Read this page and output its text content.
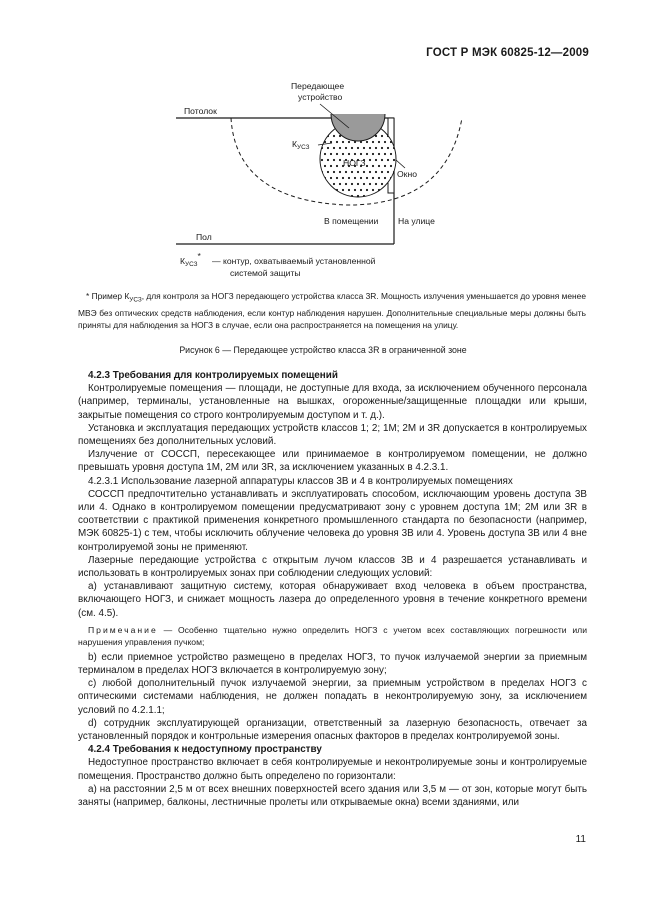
ГОСТ Р МЭК 60825-12—2009
Передающее
устройство
Потолок
$К_{УСЗ}$
НОГЗ
Окно
В помещении На улице
Пол
$К_{УСЗ}*$ — контур, охватываемый установленной
системой защиты
* Пример $К_{УСЗ}$, для контроля за НОГЗ передающего устройства класса 3R. Мощность излучения уменьшается до уровня менее МВЭ без оптических средств наблюдения, если контур наблюдения нарушен. Дополнительные специальные меры должны быть приняты для наблюдения за НОГЗ в случае, если она распространяется на помещения на улицу.
Рисунок 6 — Передающее устройство класса 3R в ограниченной зоне
4.2.3 Требования для контролируемых помещений

Контролируемые помещения — площади, не доступные для входа, за исключением обученного персонала (например, терминалы, установленные на вышках, огороженные/защищенные площадки или крыши, закрытые помещения со строго контролируемым доступом и т. д.).

Установка и эксплуатация передающих устройств классов 1; 2; 1М; 2М и 3R допускается в контролируемых помещениях без дополнительных условий.

Излучение от СОССП, пересекающее или принимаемое в контролируемом помещении, не должно превышать уровня доступа 1М, 2М или 3R, за исключением указанных в 4.2.3.1.

4.2.3.1 Использование лазерной аппаратуры классов 3В и 4 в контролируемых помещениях

СОССП предпочтительно устанавливать и эксплуатировать способом, исключающим уровень доступа 3В или 4. Однако в контролируемом помещении предусматривают зону с уровнем доступа 1М; 2М или 3R в соответствии с практикой применения конкретного промышленного стандарта по безопасности (например, МЭК 60825-1) с тем, чтобы исключить облучение человека до уровня 3В или 4. Уровень доступа 3В или 4 вне контролируемой зоны не применяют.

Лазерные передающие устройства с открытым лучом классов 3В и 4 разрешается устанавливать и использовать в контролируемых зонах при соблюдении следующих условий:

а) устанавливают защитную систему, которая обнаруживает вход человека в объем пространства, включающего НОГЗ, и снижает мощность лазера до определенного уровня в течение конкретного времени (см. 4.5).

Примечание — Особенно тщательно нужно определить НОГЗ с учетом всех составляющих погрешности или нарушения управления пучком;

b) если приемное устройство размещено в пределах НОГЗ, то пучок излучаемой энергии за приемным терминалом в пределах НОГЗ включается в контролируемую зону;

с) любой дополнительный пучок излучаемой энергии, за приемным устройством в пределах НОГЗ с оптическими системами наблюдения, не должен попадать в неконтролируемую зону, за исключением условий по 4.2.1.1;

d) сотрудник эксплуатирующей организации, ответственный за лазерную безопасность, отвечает за установленный порядок и контрольные измерения опасных факторов в пределах контролируемой зоны.

4.2.4 Требования к недоступному пространству

Недоступное пространство включает в себя контролируемые и неконтролируемые зоны и контролируемые помещения. Пространство должно быть определено по горизонтали:

а) на расстоянии 2,5 м от всех внешних поверхностей всего здания или 3,5 м — от зон, которые могут быть заняты (например, балконы, лестничные пролеты или открываемые окна) всеми зданиями, или

11
